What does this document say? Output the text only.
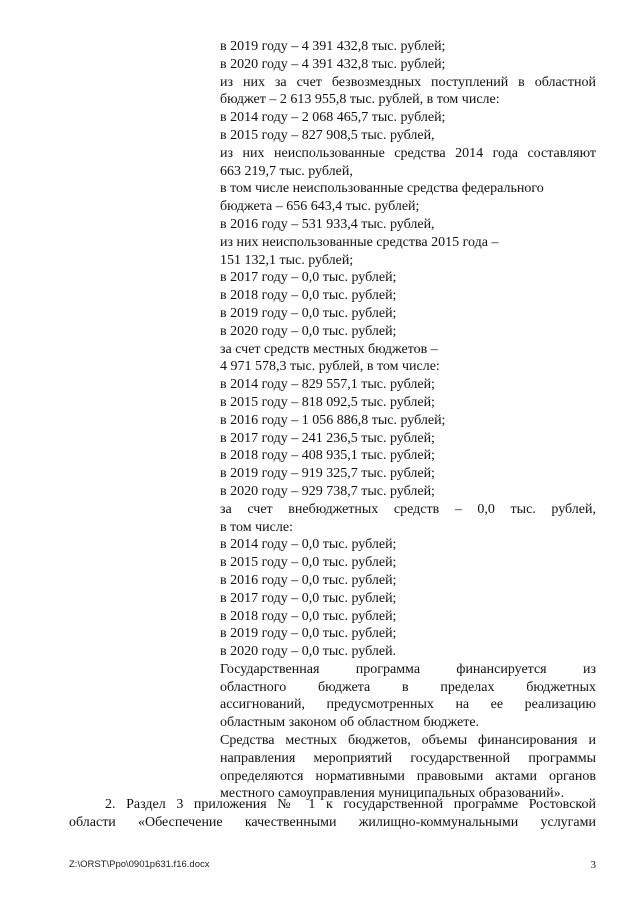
в 2019 году – 4 391 432,8 тыс. рублей;
в 2020 году – 4 391 432,8 тыс. рублей;
из них за счет безвозмездных поступлений в областной
бюджет – 2 613 955,8 тыс. рублей, в том числе:
в 2014 году – 2 068 465,7 тыс. рублей;
в 2015 году – 827 908,5 тыс. рублей,
из них неиспользованные средства 2014 года составляют
663 219,7 тыс. рублей,
в том числе неиспользованные средства федерального
бюджета – 656 643,4 тыс. рублей;
в 2016 году – 531 933,4 тыс. рублей,
из них неиспользованные средства 2015 года –
151 132,1 тыс. рублей;
в 2017 году – 0,0 тыс. рублей;
в 2018 году – 0,0 тыс. рублей;
в 2019 году – 0,0 тыс. рублей;
в 2020 году – 0,0 тыс. рублей;
за счет средств местных бюджетов –
4 971 578,3 тыс. рублей, в том числе:
в 2014 году – 829 557,1 тыс. рублей;
в 2015 году – 818 092,5 тыс. рублей;
в 2016 году – 1 056 886,8 тыс. рублей;
в 2017 году – 241 236,5 тыс. рублей;
в 2018 году – 408 935,1 тыс. рублей;
в 2019 году – 919 325,7 тыс. рублей;
в 2020 году – 929 738,7 тыс. рублей;
за счет внебюджетных средств – 0,0 тыс. рублей,
в том числе:
в 2014 году – 0,0 тыс. рублей;
в 2015 году – 0,0 тыс. рублей;
в 2016 году – 0,0 тыс. рублей;
в 2017 году – 0,0 тыс. рублей;
в 2018 году – 0,0 тыс. рублей;
в 2019 году – 0,0 тыс. рублей;
в 2020 году – 0,0 тыс. рублей.
Государственная программа финансируется из
областного бюджета в пределах бюджетных
ассигнований, предусмотренных на ее реализацию
областным законом об областном бюджете.
Средства местных бюджетов, объемы финансирования и
направления мероприятий государственной программы
определяются нормативными правовыми актами органов
местного самоуправления муниципальных образований».
2. Раздел 3 приложения № 1 к государственной программе Ростовской
области «Обеспечение качественными жилищно-коммунальными услугами
Z:\ORST\Ppo\0901p631.f16.docx	3
